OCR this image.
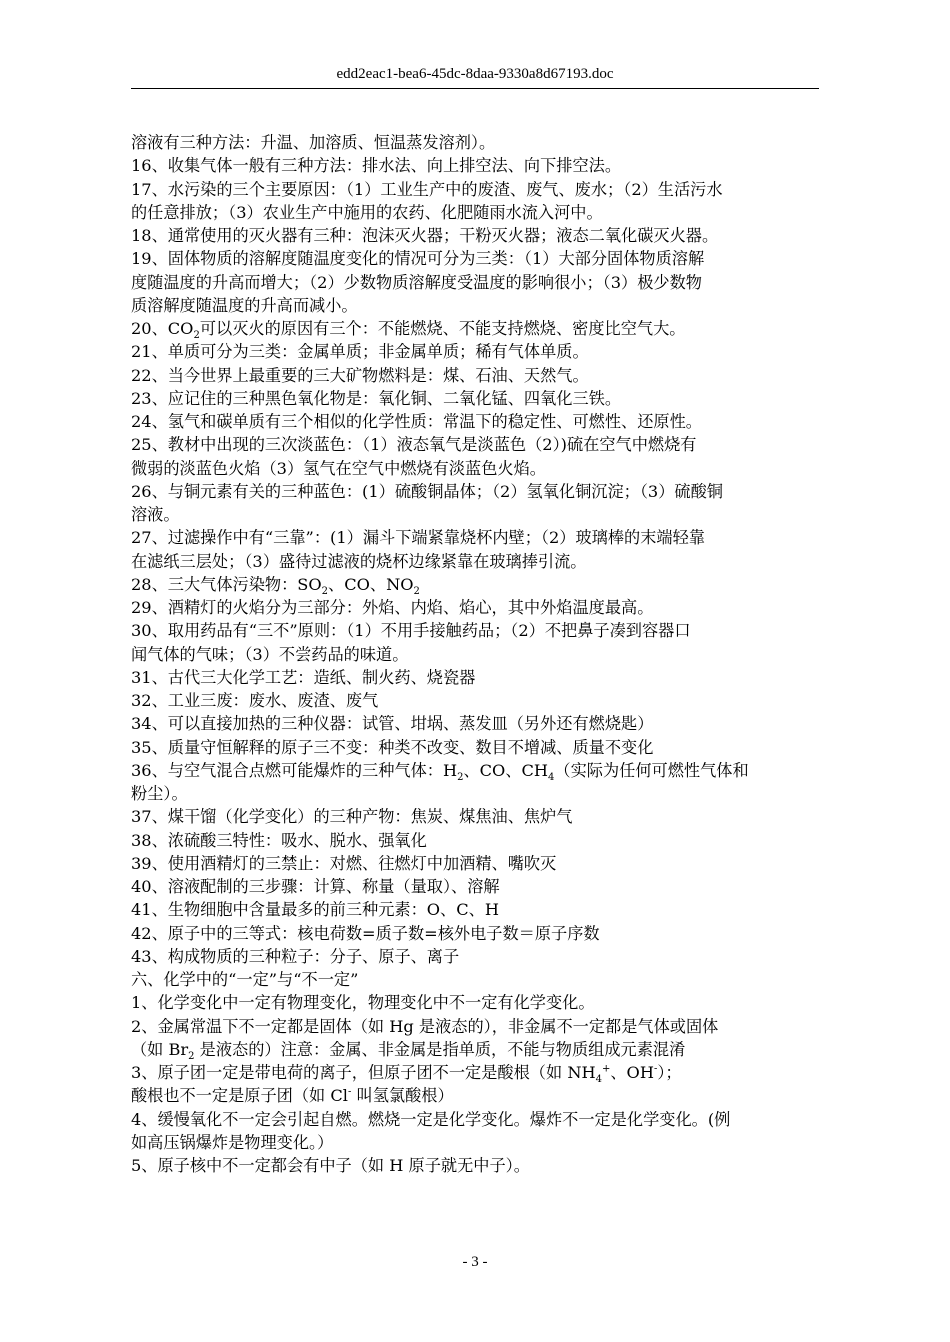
edd2eac1-bea6-45dc-8daa-9330a8d67193.doc
溶液有三种方法：升温、加溶质、恒温蒸发溶剂）。
16、收集气体一般有三种方法：排水法、向上排空法、向下排空法。
17、水污染的三个主要原因：（1）工业生产中的废渣、废气、废水；（2）生活污水
的任意排放；（3）农业生产中施用的农药、化肥随雨水流入河中。
18、通常使用的灭火器有三种：泡沫灭火器；干粉灭火器；液态二氧化碳灭火器。
19、固体物质的溶解度随温度变化的情况可分为三类：（1）大部分固体物质溶解
度随温度的升高而增大；（2）少数物质溶解度受温度的影响很小；（3）极少数物
质溶解度随温度的升高而减小。
20、$CO_2$可以灭火的原因有三个：不能燃烧、不能支持燃烧、密度比空气大。
21、单质可分为三类：金属单质；非金属单质；稀有气体单质。
22、当今世界上最重要的三大矿物燃料是：煤、石油、天然气。
23、应记住的三种黑色氧化物是：氧化铜、二氧化锰、四氧化三铁。
24、氢气和碳单质有三个相似的化学性质：常温下的稳定性、可燃性、还原性。
25、教材中出现的三次淡蓝色：（1）液态氧气是淡蓝色（2）)硫在空气中燃烧有
微弱的淡蓝色火焰（3）氢气在空气中燃烧有淡蓝色火焰。
26、与铜元素有关的三种蓝色：(1）硫酸铜晶体；（2）氢氧化铜沉淀；（3）硫酸铜
溶液。
27、过滤操作中有“三靠”：(1）漏斗下端紧靠烧杯内壁；（2）玻璃棒的末端轻靠
在滤纸三层处；（3）盛待过滤液的烧杯边缘紧靠在玻璃捧引流。
28、三大气体污染物：$SO_2$、CO、$NO_2$
29、酒精灯的火焰分为三部分：外焰、内焰、焰心，其中外焰温度最高。
30、取用药品有“三不”原则：（1）不用手接触药品；（2）不把鼻子凑到容器口
闻气体的气味；（3）不尝药品的味道。
31、古代三大化学工艺：造纸、制火药、烧瓷器
32、工业三废：废水、废渣、废气
34、可以直接加热的三种仪器：试管、坩埚、蒸发皿（另外还有燃烧匙）
35、质量守恒解释的原子三不变：种类不改变、数目不增减、质量不变化
36、与空气混合点燃可能爆炸的三种气体：$H_2$、CO、$CH_4$（实际为任何可燃性气体和
粉尘）。
37、煤干馏（化学变化）的三种产物：焦炭、煤焦油、焦炉气
38、浓硫酸三特性：吸水、脱水、强氧化
39、使用酒精灯的三禁止：对燃、往燃灯中加酒精、嘴吹灭
40、溶液配制的三步骤：计算、称量（量取）、溶解
41、生物细胞中含量最多的前三种元素：O、C、H
42、原子中的三等式：核电荷数=质子数=核外电子数＝原子序数
43、构成物质的三种粒子：分子、原子、离子
六、化学中的“一定”与“不一定”
1、化学变化中一定有物理变化，物理变化中不一定有化学变化。
2、金属常温下不一定都是固体（如 Hg 是液态的），非金属不一定都是气体或固体
（如 $Br_2$ 是液态的）注意：金属、非金属是指单质，不能与物质组成元素混淆
3、原子团一定是带电荷的离子，但原子团不一定是酸根（如 $NH_4^+$、OH-）；
酸根也不一定是原子团（如 Cl- 叫氢氯酸根）
4、缓慢氧化不一定会引起自燃。燃烧一定是化学变化。爆炸不一定是化学变化。(例
如高压锅爆炸是物理变化。）
5、原子核中不一定都会有中子（如 H 原子就无中子）。
- 3 -
